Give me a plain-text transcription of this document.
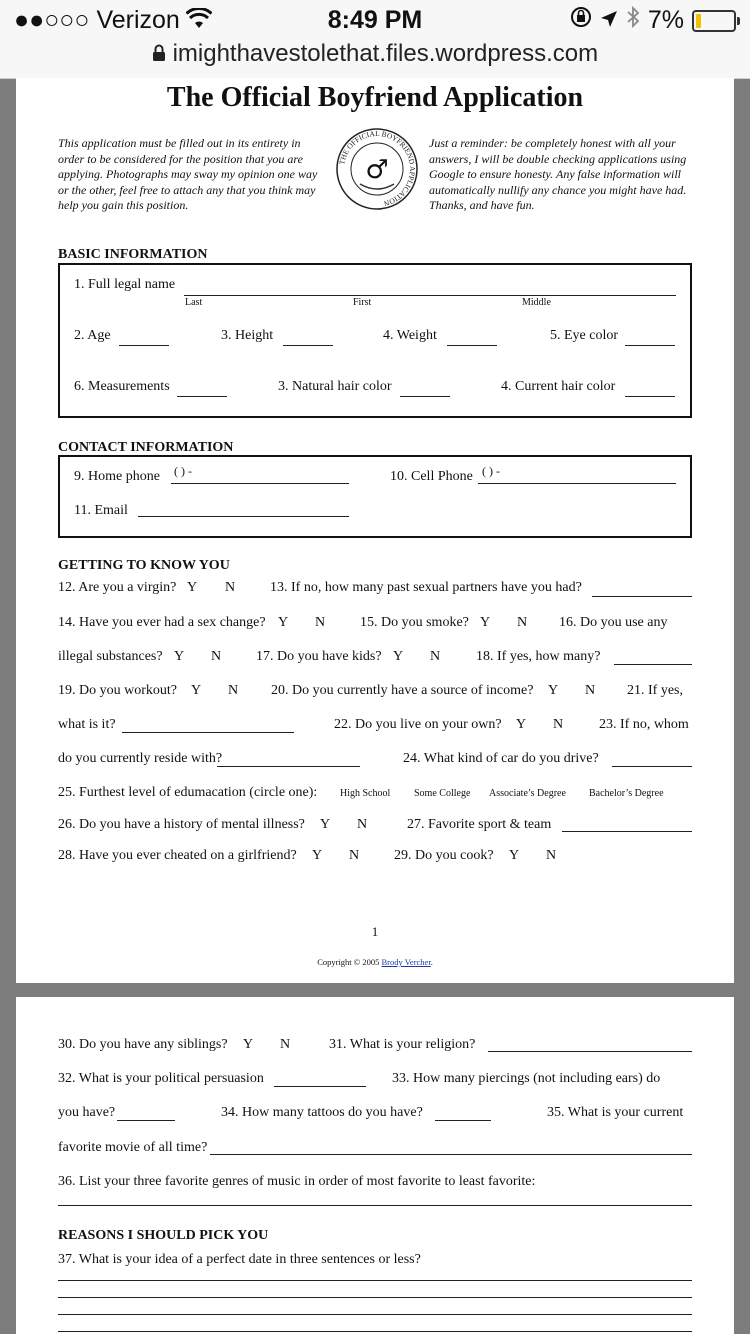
●●○○○ Verizon	8:49 PM	7%
imighthavestolethat.files.wordpress.com
The Official Boyfriend Application
This application must be filled out in its entirety in order to be considered for the position that you are applying. Photographs may sway my opinion one way or the other, feel free to attach any that you think may help you gain this position.
Just a reminder: be completely honest with all your answers, I will be double checking applications using Google to ensure honesty. Any false information will automatically nullify any chance you might have had. Thanks, and have fun.
THE OFFICIAL BOYFRIEND APPLICATION
♂
BASIC INFORMATION
1. Full legal name
Last	First	Middle
2. Age	3. Height	4. Weight	5. Eye color
6. Measurements	3. Natural hair color	4. Current hair color
CONTACT INFORMATION
9. Home phone ( ) -	10. Cell Phone ( ) -
11. Email
GETTING TO KNOW YOU
12. Are you a virgin? Y N 13. If no, how many past sexual partners have you had?
14. Have you ever had a sex change? Y N 15. Do you smoke? Y N 16. Do you use any
illegal substances? Y N 17. Do you have kids? Y N	18. If yes, how many?
19. Do you workout? Y N 20. Do you currently have a source of income? Y N 21. If yes,
what is it?	22. Do you live on your own? Y N	23. If no, whom
do you currently reside with?	24. What kind of car do you drive?
25. Furthest level of edumacation (circle one): High School Some College Associate’s Degree Bachelor’s Degree
26. Do you have a history of mental illness? Y N	27. Favorite sport & team
28. Have you ever cheated on a girlfriend? Y N 29. Do you cook? Y N
1
Copyright © 2005 Brody Vercher.
30. Do you have any siblings? Y N	31. What is your religion?
32. What is your political persuasion	33. How many piercings (not including ears) do
you have?	34. How many tattoos do you have?	35. What is your current
favorite movie of all time?
36. List your three favorite genres of music in order of most favorite to least favorite:
REASONS I SHOULD PICK YOU
37. What is your idea of a perfect date in three sentences or less?
